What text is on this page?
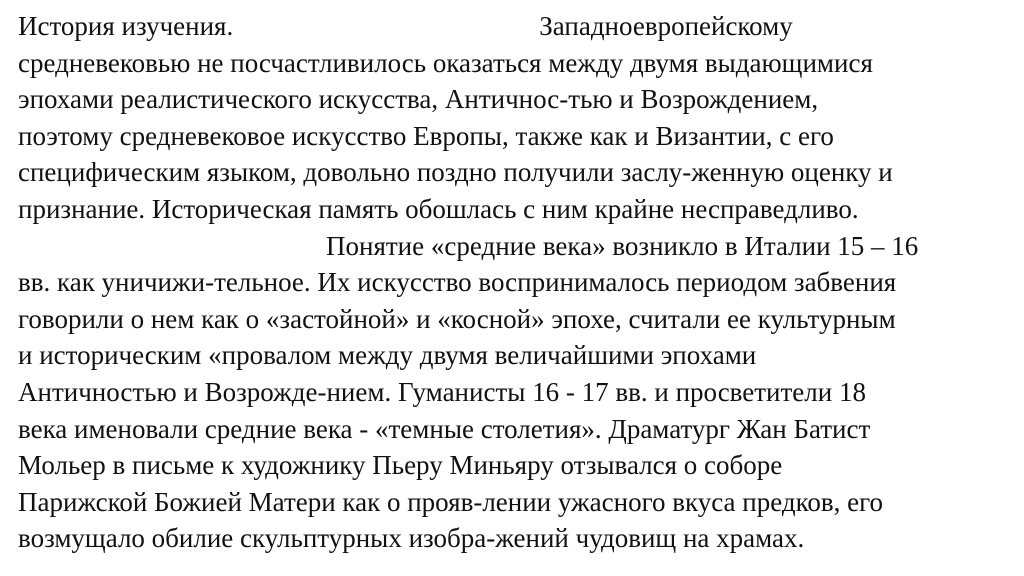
История изучения.	Западноевропейскому
средневековью не посчастливилось оказаться между двумя выдающимися
эпохами реалистического искусства, Античнос-тью и Возрождением,
поэтому средневековое искусство Европы, также как и Византии, с его
специфическим языком, довольно поздно получили заслу-женную оценку и
признание. Историческая память обошлась с ним крайне несправедливо.
Понятие «средние века» возникло в Италии 15 – 16
вв. как уничижи-тельное. Их искусство воспринималось периодом забвения
говорили о нем как о «застойной» и «косной» эпохе, считали ее культурным
и историческим «провалом между двумя величайшими эпохами
Античностью и Возрожде-нием. Гуманисты 16 - 17 вв. и просветители 18
века именовали средние века - «темные столетия». Драматург Жан Батист
Мольер в письме к художнику Пьеру Миньяру отзывался о соборе
Парижской Божией Матери как о прояв-лении ужасного вкуса предков, его
возмущало обилие скульптурных изобра-жений чудовищ на храмах.
